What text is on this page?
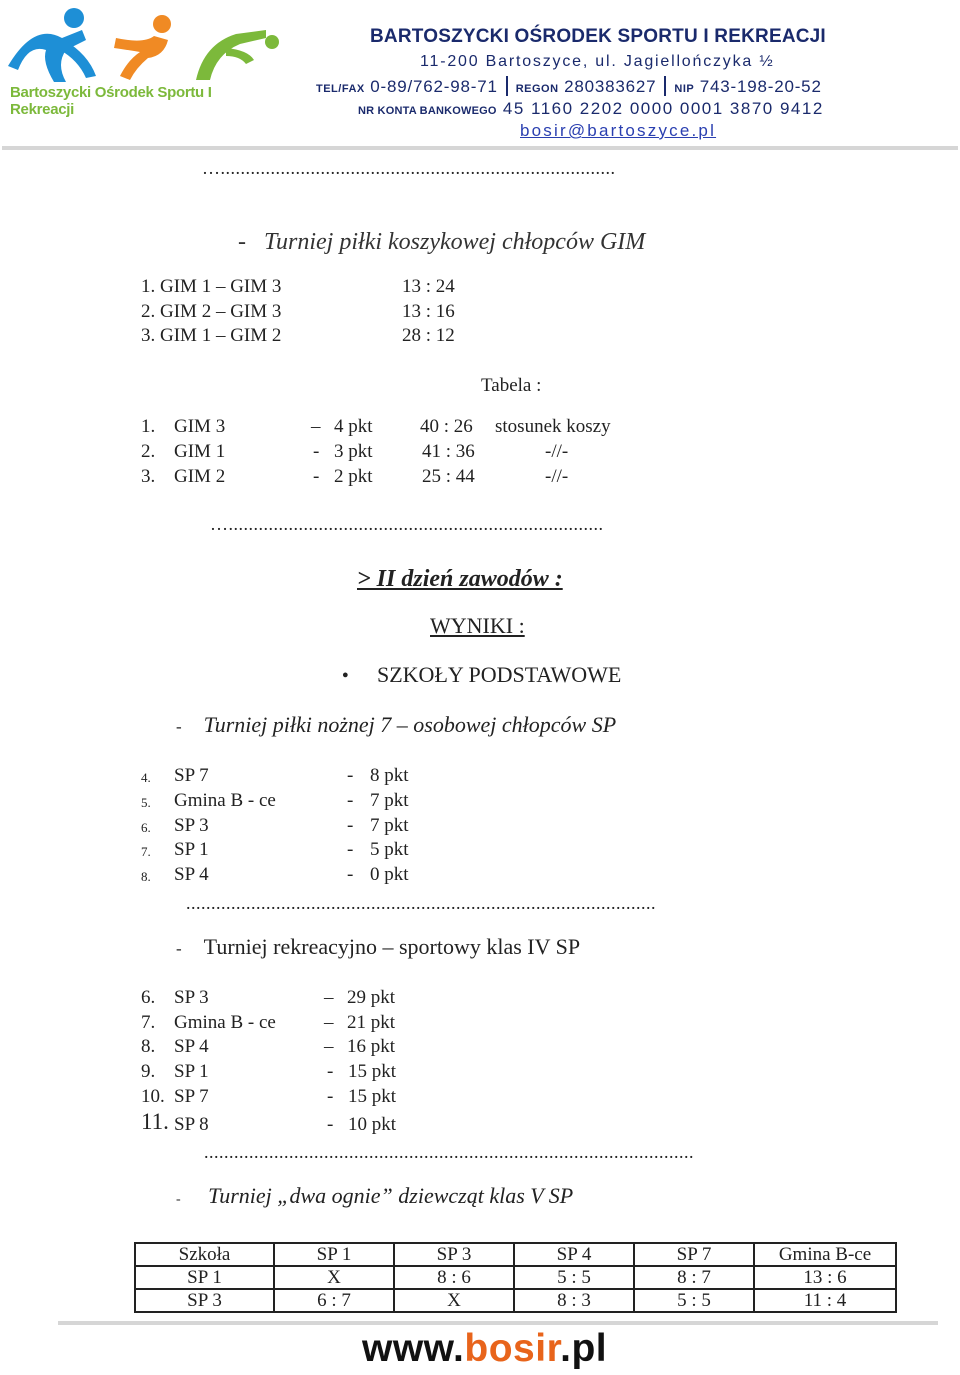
Bartoszycki Ośrodek Sportu I Rekreacji
BARTOSZYCKI OŚRODEK SPORTU I REKREACJI
11-200 Bartoszyce, ul. Jagiellończyka ½
TEL/FAX 0-89/762-98-71 REGON 280383627 NIP 743-198-20-52
NR KONTA BANKOWEGO 45 1160 2202 0000 0001 3870 9412
bosir@bartoszyce.pl
…...............................................................................
- Turniej piłki koszykowej chłopców GIM
1. GIM 1 – GIM 3	13 : 24
2. GIM 2 – GIM 3	13 : 16
3. GIM 1 – GIM 2	28 : 12
Tabela :
1. GIM 3	– 4 pkt 40 : 26 stosunek koszy
2. GIM 1	- 3 pkt	41 : 36	-//-
3. GIM 2	- 2 pkt	25 : 44	-//-
…...........................................................................
> II dzień zawodów :
WYNIKI :
● SZKOŁY PODSTAWOWE
- Turniej piłki nożnej 7 – osobowej chłopców SP
4. SP 7	- 8 pkt
5. Gmina B - ce	- 7 pkt
6. SP 3	- 7 pkt
7. SP 1	- 5 pkt
8. SP 4	- 0 pkt
..............................................................................................
- Turniej rekreacyjno – sportowy klas IV SP
6. SP 3	– 29 pkt
7. Gmina B - ce	– 21 pkt
8. SP 4	– 16 pkt
9. SP 1	- 15 pkt
10. SP 7	- 15 pkt
11. SP 8	- 10 pkt
..................................................................................................
- Turniej „dwa ognie” dziewcząt klas V SP
Szkoła	SP 1	SP 3	SP 4	SP 7	Gmina B-ce
SP 1	X	8 : 6	5 : 5	8 : 7	13 : 6
SP 3	6 : 7	X	8 : 3	5 : 5	11 : 4
www.bosir.pl
